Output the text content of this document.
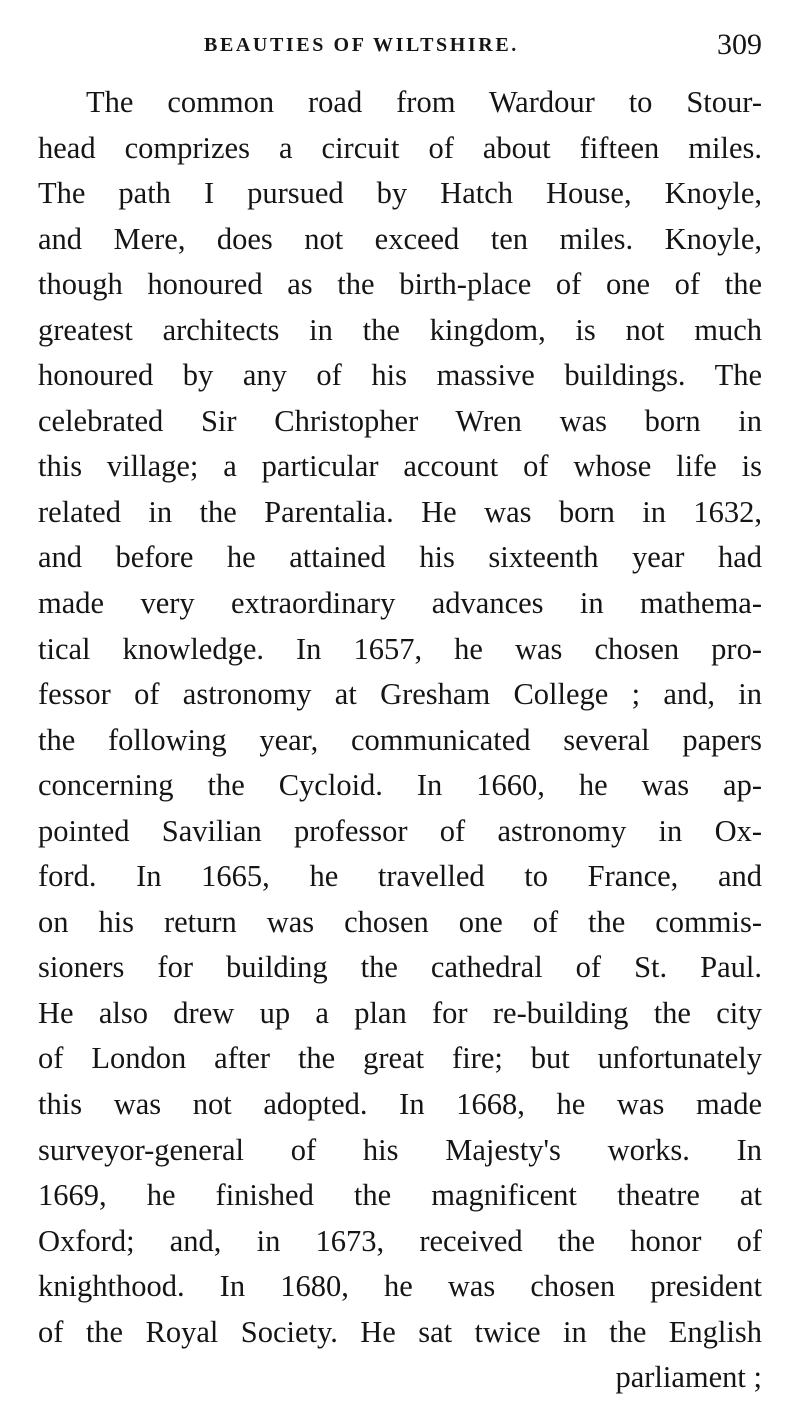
BEAUTIES OF WILTSHIRE.	309
The common road from Wardour to Stour-
head comprizes a circuit of about fifteen miles.
The path I pursued by Hatch House, Knoyle,
and Mere, does not exceed ten miles. Knoyle,
though honoured as the birth-place of one of the
greatest architects in the kingdom, is not much
honoured by any of his massive buildings. The
celebrated Sir Christopher Wren was born in
this village; a particular account of whose life is
related in the Parentalia. He was born in 1632,
and before he attained his sixteenth year had
made very extraordinary advances in mathema-
tical knowledge. In 1657, he was chosen pro-
fessor of astronomy at Gresham College ; and, in
the following year, communicated several papers
concerning the Cycloid. In 1660, he was ap-
pointed Savilian professor of astronomy in Ox-
ford. In 1665, he travelled to France, and
on his return was chosen one of the commis-
sioners for building the cathedral of St. Paul.
He also drew up a plan for re-building the city
of London after the great fire; but unfortunately
this was not adopted. In 1668, he was made
surveyor-general of his Majesty's works. In
1669, he finished the magnificent theatre at
Oxford; and, in 1673, received the honor of
knighthood. In 1680, he was chosen president
of the Royal Society. He sat twice in the English
parliament ;
